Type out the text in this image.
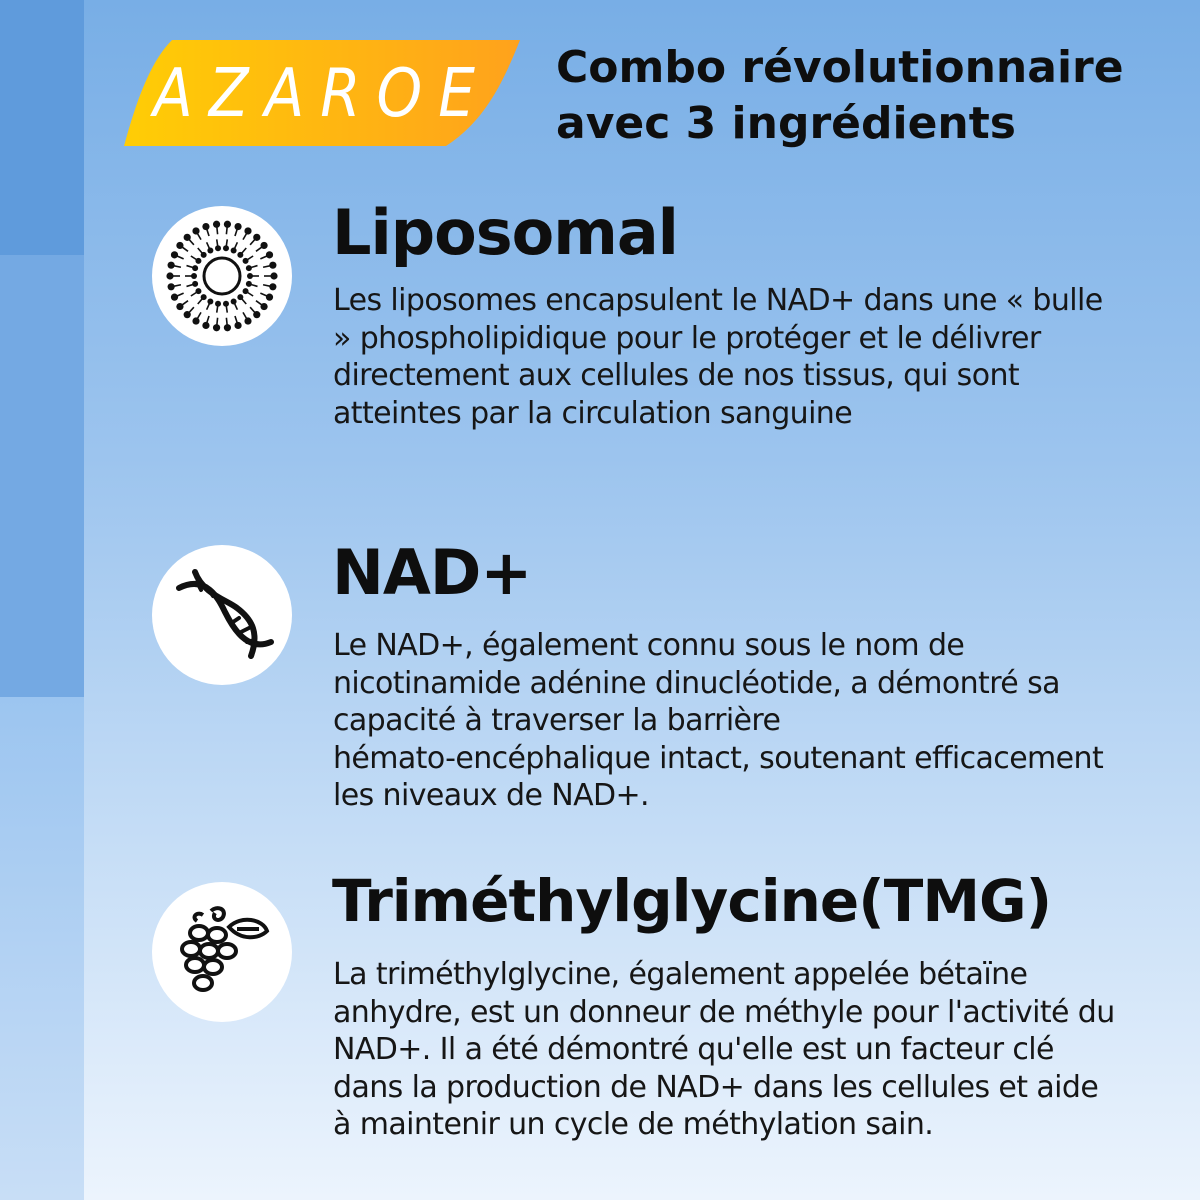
AZAROE	Combo révolutionnaire
avec 3 ingrédients
Liposomal
Les liposomes encapsulent le NAD+ dans une « bulle
» phospholipidique pour le protéger et le délivrer
directement aux cellules de nos tissus, qui sont
atteintes par la circulation sanguine
NAD+
Le NAD+, également connu sous le nom de
nicotinamide adénine dinucléotide, a démontré sa
capacité à traverser la barrière
hémato-encéphalique intact, soutenant efficacement
les niveaux de NAD+.
Triméthylglycine(TMG)
La triméthylglycine, également appelée bétaïne
anhydre, est un donneur de méthyle pour l'activité du
NAD+. Il a été démontré qu'elle est un facteur clé
dans la production de NAD+ dans les cellules et aide
à maintenir un cycle de méthylation sain.
